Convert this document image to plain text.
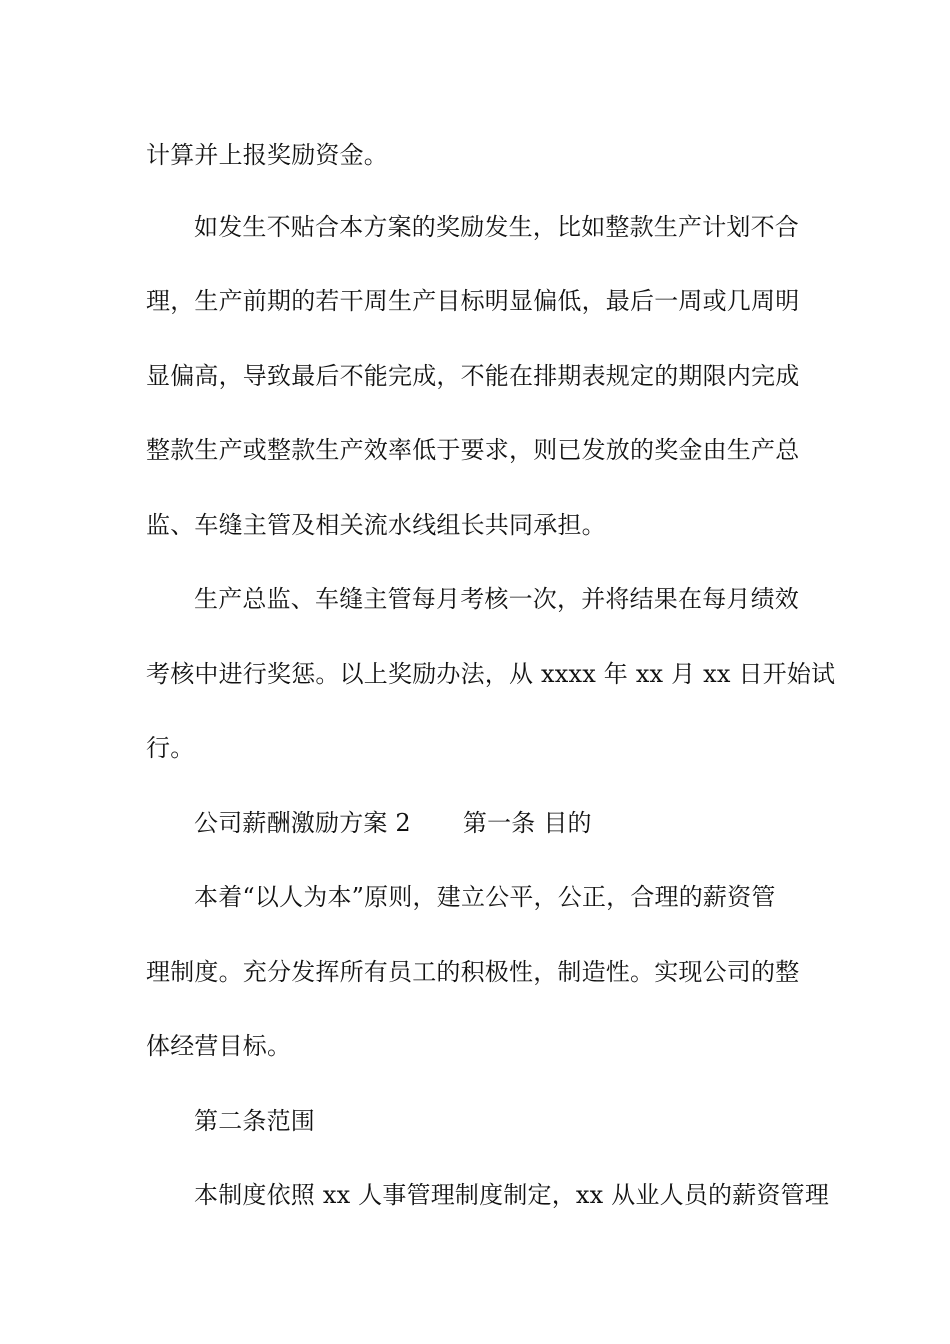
计算并上报奖励资金。
如发生不贴合本方案的奖励发生，比如整款生产计划不合
理，生产前期的若干周生产目标明显偏低，最后一周或几周明
显偏高，导致最后不能完成，不能在排期表规定的期限内完成
整款生产或整款生产效率低于要求，则已发放的奖金由生产总
监、车缝主管及相关流水线组长共同承担。
生产总监、车缝主管每月考核一次，并将结果在每月绩效
考核中进行奖惩。以上奖励办法，从 xxxx 年 xx 月 xx 日开始试
行。
公司薪酬激励方案 2 第一条 目的
本着“以人为本”原则，建立公平，公正，合理的薪资管
理制度。充分发挥所有员工的积极性，制造性。实现公司的整
体经营目标。
第二条范围
本制度依照 xx 人事管理制度制定，xx 从业人员的薪资管理
